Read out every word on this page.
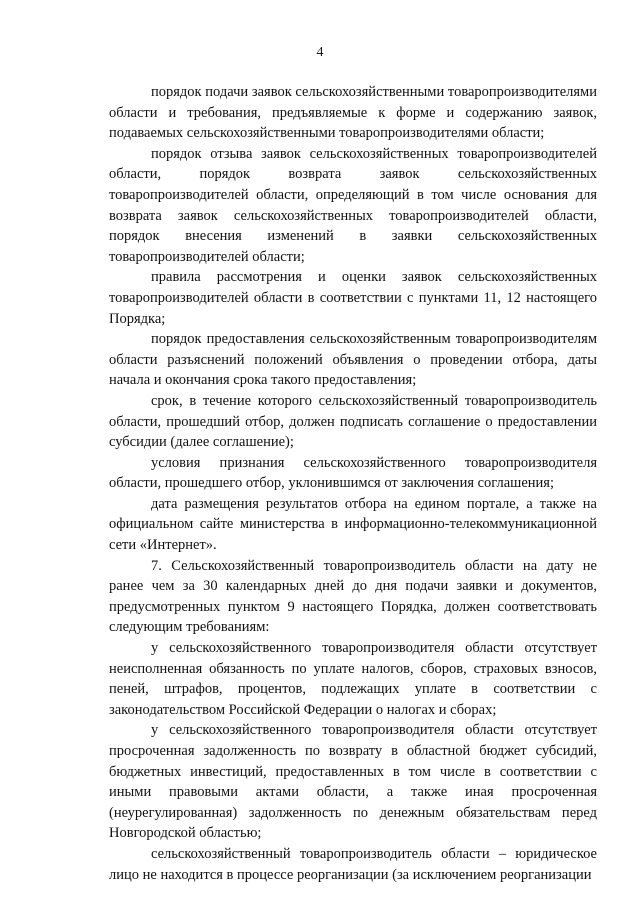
4

порядок подачи заявок сельскохозяйственными товаропроизводителями области и требования, предъявляемые к форме и содержанию заявок, подаваемых сельскохозяйственными товаропроизводителями области;

порядок отзыва заявок сельскохозяйственных товаропроизводителей области, порядок возврата заявок сельскохозяйственных товаропроизводителей области, определяющий в том числе основания для возврата заявок сельскохозяйственных товаропроизводителей области, порядок внесения изменений в заявки сельскохозяйственных товаропроизводителей области;

правила рассмотрения и оценки заявок сельскохозяйственных товаропроизводителей области в соответствии с пунктами 11, 12 настоящего Порядка;

порядок предоставления сельскохозяйственным товаропроизводителям области разъяснений положений объявления о проведении отбора, даты начала и окончания срока такого предоставления;

срок, в течение которого сельскохозяйственный товаропроизводитель области, прошедший отбор, должен подписать соглашение о предоставлении субсидии (далее соглашение);

условия признания сельскохозяйственного товаропроизводителя области, прошедшего отбор, уклонившимся от заключения соглашения;

дата размещения результатов отбора на едином портале, а также на официальном сайте министерства в информационно-телекоммуникационной сети «Интернет».

7. Сельскохозяйственный товаропроизводитель области на дату не ранее чем за 30 календарных дней до дня подачи заявки и документов, предусмотренных пунктом 9 настоящего Порядка, должен соответствовать следующим требованиям:

у сельскохозяйственного товаропроизводителя области отсутствует неисполненная обязанность по уплате налогов, сборов, страховых взносов, пеней, штрафов, процентов, подлежащих уплате в соответствии с законодательством Российской Федерации о налогах и сборах;

у сельскохозяйственного товаропроизводителя области отсутствует просроченная задолженность по возврату в областной бюджет субсидий, бюджетных инвестиций, предоставленных в том числе в соответствии с иными правовыми актами области, а также иная просроченная (неурегулированная) задолженность по денежным обязательствам перед Новгородской областью;

сельскохозяйственный товаропроизводитель области – юридическое лицо не находится в процессе реорганизации (за исключением реорганизации
